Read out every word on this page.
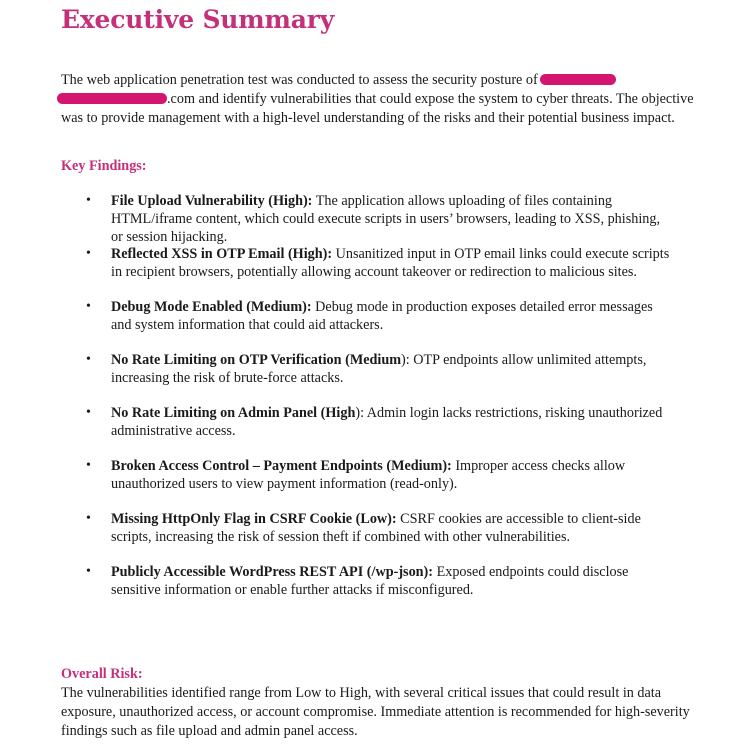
Executive Summary

The web application penetration test was conducted to assess the security posture of
.com and identify vulnerabilities that could expose the system to cyber threats. The objective was to provide management with a high-level understanding of the risks and their potential business impact.

Key Findings:
• File Upload Vulnerability (High): The application allows uploading of files containing HTML/iframe content, which could execute scripts in users’ browsers, leading to XSS, phishing, or session hijacking.
• Reflected XSS in OTP Email (High): Unsanitized input in OTP email links could execute scripts in recipient browsers, potentially allowing account takeover or redirection to malicious sites.
• Debug Mode Enabled (Medium): Debug mode in production exposes detailed error messages and system information that could aid attackers.
• No Rate Limiting on OTP Verification (Medium): OTP endpoints allow unlimited attempts, increasing the risk of brute-force attacks.
• No Rate Limiting on Admin Panel (High): Admin login lacks restrictions, risking unauthorized administrative access.
• Broken Access Control – Payment Endpoints (Medium): Improper access checks allow unauthorized users to view payment information (read-only).
• Missing HttpOnly Flag in CSRF Cookie (Low): CSRF cookies are accessible to client-side scripts, increasing the risk of session theft if combined with other vulnerabilities.
• Publicly Accessible WordPress REST API (/wp-json): Exposed endpoints could disclose sensitive information or enable further attacks if misconfigured.
Overall Risk:

The vulnerabilities identified range from Low to High, with several critical issues that could result in data exposure, unauthorized access, or account compromise. Immediate attention is recommended for high-severity findings such as file upload and admin panel access.
